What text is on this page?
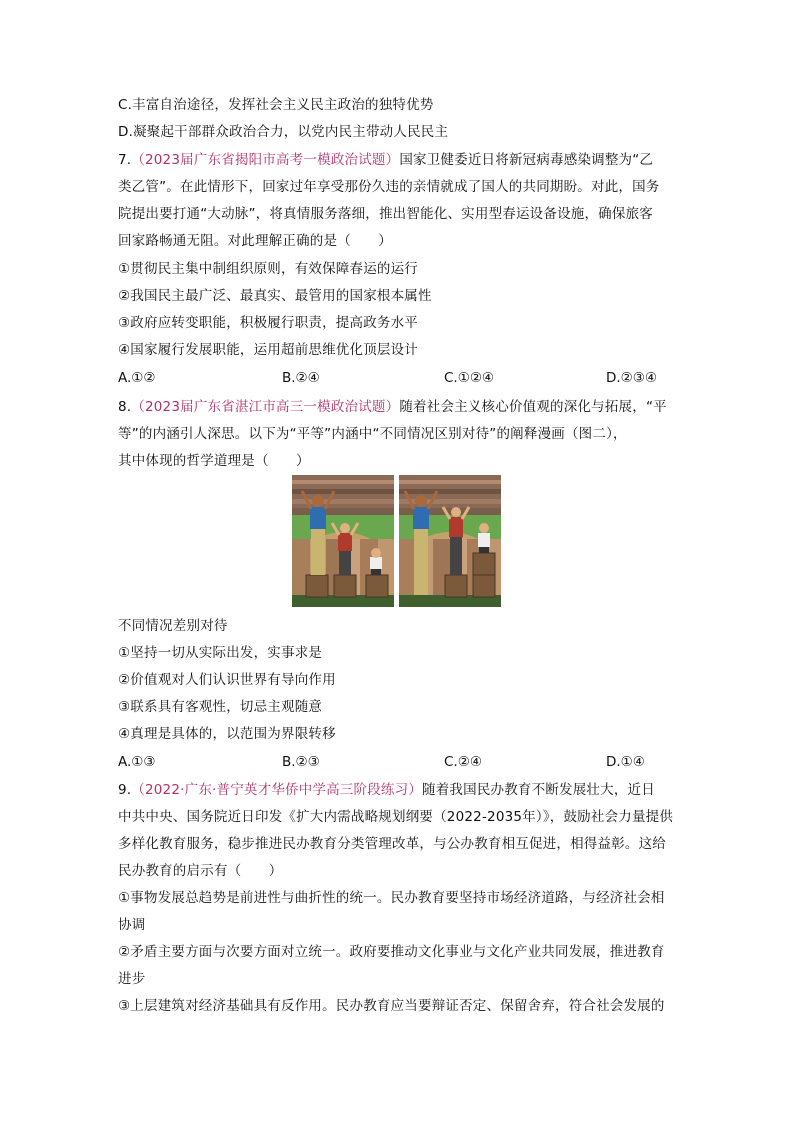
C.丰富自治途径，发挥社会主义民主政治的独特优势
D.凝聚起干部群众政治合力，以党内民主带动人民民主
7.（2023届广东省揭阳市高考一模政治试题）国家卫健委近日将新冠病毒感染调整为“乙
类乙管”。在此情形下，回家过年享受那份久违的亲情就成了国人的共同期盼。对此，国务
院提出要打通“大动脉”，将真情服务落细，推出智能化、实用型春运设备设施，确保旅客
回家路畅通无阻。对此理解正确的是（　　）
①贯彻民主集中制组织原则，有效保障春运的运行
②我国民主最广泛、最真实、最管用的国家根本属性
③政府应转变职能，积极履行职责，提高政务水平
④国家履行发展职能，运用超前思维优化顶层设计
A.①②	B.②④	C.①②④	D.②③④
8.（2023届广东省湛江市高三一模政治试题）随着社会主义核心价值观的深化与拓展，“平
等”的内涵引人深思。以下为“平等”内涵中“不同情况区别对待”的阐释漫画（图二），
其中体现的哲学道理是（　　）
不同情况差别对待
①坚持一切从实际出发，实事求是
②价值观对人们认识世界有导向作用
③联系具有客观性，切忌主观随意
④真理是具体的，以范围为界限转移
A.①③	B.②③	C.②④	D.①④
9.（2022·广东·普宁英才华侨中学高三阶段练习）随着我国民办教育不断发展壮大，近日
中共中央、国务院近日印发《扩大内需战略规划纲要（2022-2035年）》，鼓励社会力量提供
多样化教育服务，稳步推进民办教育分类管理改革，与公办教育相互促进，相得益彰。这给
民办教育的启示有（　　）
①事物发展总趋势是前进性与曲折性的统一。民办教育要坚持市场经济道路，与经济社会相
协调
②矛盾主要方面与次要方面对立统一。政府要推动文化事业与文化产业共同发展，推进教育
进步
③上层建筑对经济基础具有反作用。民办教育应当要辩证否定、保留舍弃，符合社会发展的
